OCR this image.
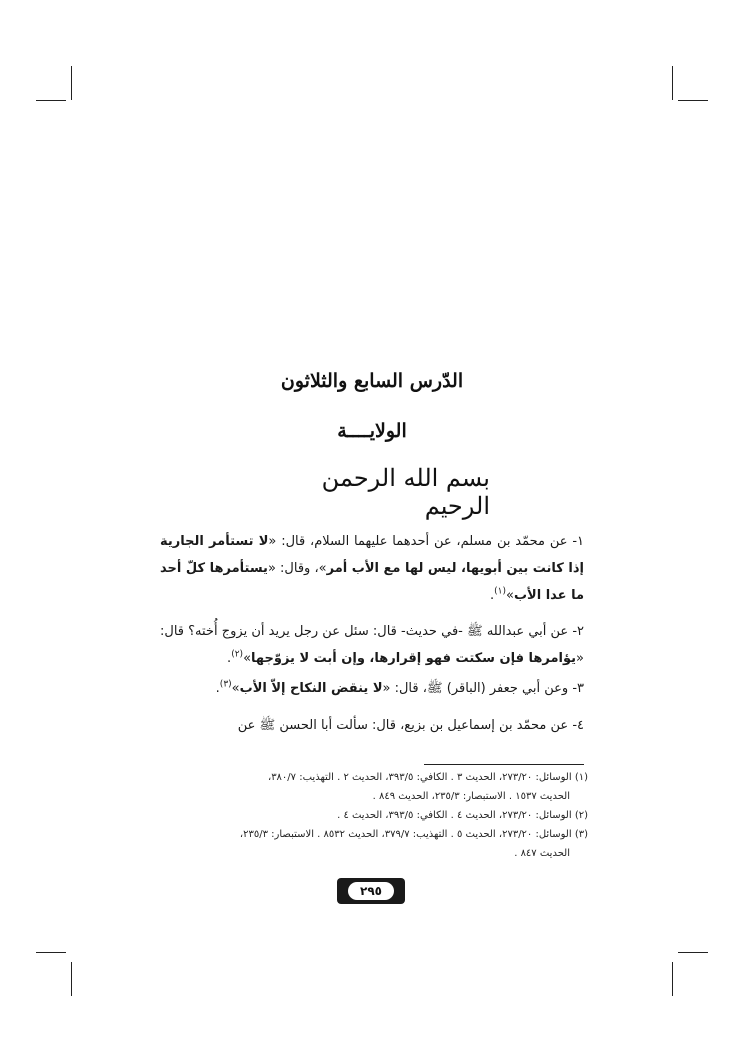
الدّرس السابع والثلاثون
الولايــــة
بسم الله الرحمن الرحيم
١- عن محمّد بن مسلم، عن أحدهما عليهما السلام، قال: «لا تستأمر الجارية إذا كانت بين أبويها، ليس لها مع الأب أمر»، وقال: «يستأمرها كلّ أحد ما عدا الأب»$^{(١)}$.
٢- عن أبي عبدالله ﷺ -في حديث- قال: سئل عن رجل يريد أن يزوج أُخته؟ قال: «يؤامرها فإن سكتت فهو إقرارها، وإن أبت لا يزوّجها»$^{(٢)}$.
٣- وعن أبي جعفر (الباقر) ﷺ، قال: «لا ينقض النكاح إلاّ الأب»$^{(٣)}$.
٤- عن محمّد بن إسماعيل بن بزيع، قال: سألت أبا الحسن ﷺ عن

(١) الوسائل: ٢٧٣/٢٠، الحديث ٣ . الكافي: ٣٩٣/٥، الحديث ٢ . التهذيب: ٣٨٠/٧،

الحديث ١٥٣٧ . الاستبصار: ٢٣٥/٣، الحديث ٨٤٩ .

(٢) الوسائل: ٢٧٣/٢٠، الحديث ٤ . الكافي: ٣٩٣/٥، الحديث ٤ .

(٣) الوسائل: ٢٧٣/٢٠، الحديث ٥ . التهذيب: ٣٧٩/٧، الحديث ٨٥٣٢ . الاستبصار: ٢٣٥/٣،

الحديث ٨٤٧ .

٢٩٥
